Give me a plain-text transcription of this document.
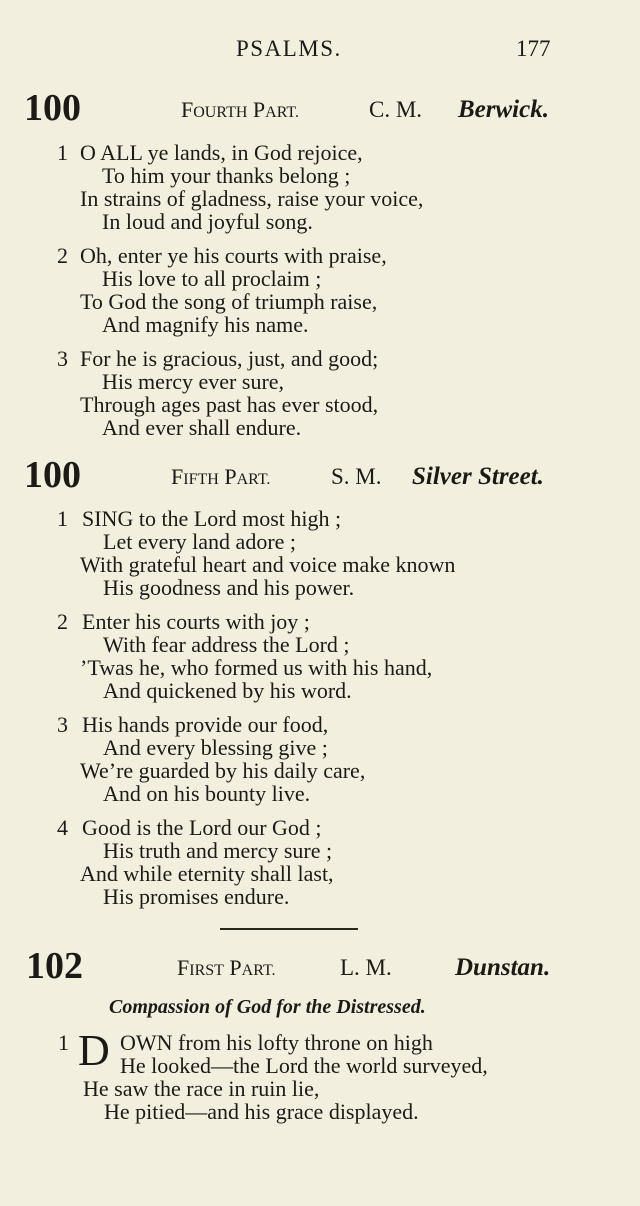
PSALMS.	177
100	FOURTH PART.	C. M. Berwick.
1 O ALL ye lands, in God rejoice,
To him your thanks belong ;
In strains of gladness, raise your voice,
In loud and joyful song.
2 Oh, enter ye his courts with praise,
His love to all proclaim ;
To God the song of triumph raise,
And magnify his name.
3 For he is gracious, just, and good;
His mercy ever sure,
Through ages past has ever stood,
And ever shall endure.
100	FIFTH PART.	S. M. Silver Street.
1 SING to the Lord most high ;
Let every land adore ;
With grateful heart and voice make known
His goodness and his power.
2 Enter his courts with joy ;
With fear address the Lord ;
’Twas he, who formed us with his hand,
And quickened by his word.
3 His hands provide our food,
And every blessing give ;
We’re guarded by his daily care,
And on his bounty live.
4 Good is the Lord our God ;
His truth and mercy sure ;
And while eternity shall last,
His promises endure.
102	FIRST PART.	L. M.	Dunstan.
Compassion of God for the Distressed.
1 OWN from his lofty throne on high
He looked—the Lord the world surveyed,
He saw the race in ruin lie,
He pitied—and his grace displayed.
D
